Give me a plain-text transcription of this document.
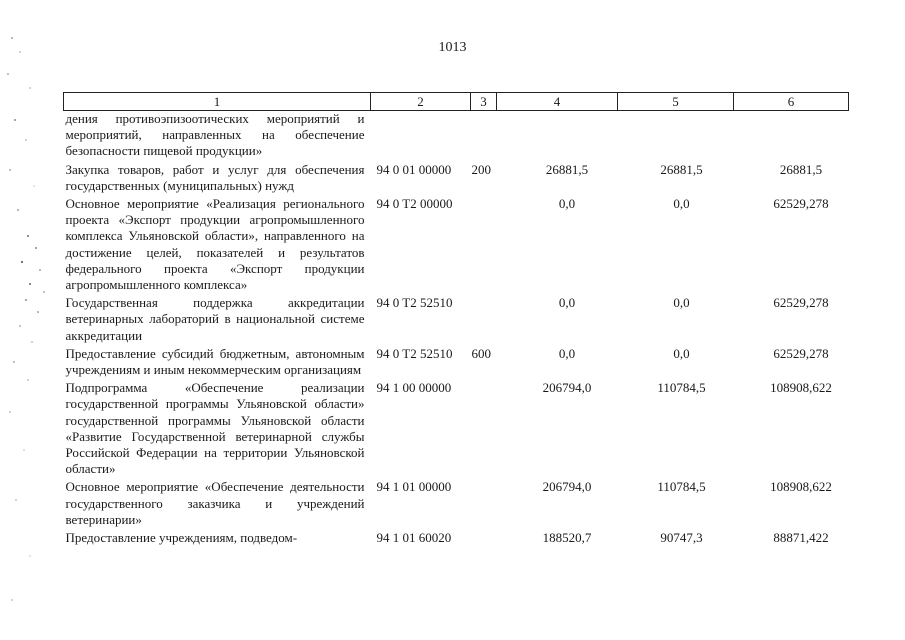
1013
1	2	3	4	5	6
дения противоэпизоотических мероприятий и мероприятий, направленных на обеспечение безопасности пищевой продукции»					
Закупка товаров, работ и услуг для обеспечения государственных (муниципальных) нужд	94 0 01 00000	200	26881,5	26881,5	26881,5
Основное мероприятие «Реализация регионального проекта «Экспорт продукции агропромышленного комплекса Ульяновской области», направленного на достижение целей, показателей и результатов федерального проекта «Экспорт продукции агропромышленного комплекса»	94 0 T2 00000		0,0	0,0	62529,278
Государственная поддержка аккредитации ветеринарных лабораторий в национальной системе аккредитации	94 0 T2 52510		0,0	0,0	62529,278
Предоставление субсидий бюджетным, автономным учреждениям и иным некоммерческим организациям	94 0 T2 52510	600	0,0	0,0	62529,278
Подпрограмма «Обеспечение реализации государственной программы Ульяновской области» государственной программы Ульяновской области «Развитие Государственной ветеринарной службы Российской Федерации на территории Ульяновской области»	94 1 00 00000		206794,0	110784,5	108908,622
Основное мероприятие «Обеспечение деятельности государственного заказчика и учреждений ветеринарии»	94 1 01 00000		206794,0	110784,5	108908,622
Предоставление учреждениям, подведом-	94 1 01 60020		188520,7	90747,3	88871,422
